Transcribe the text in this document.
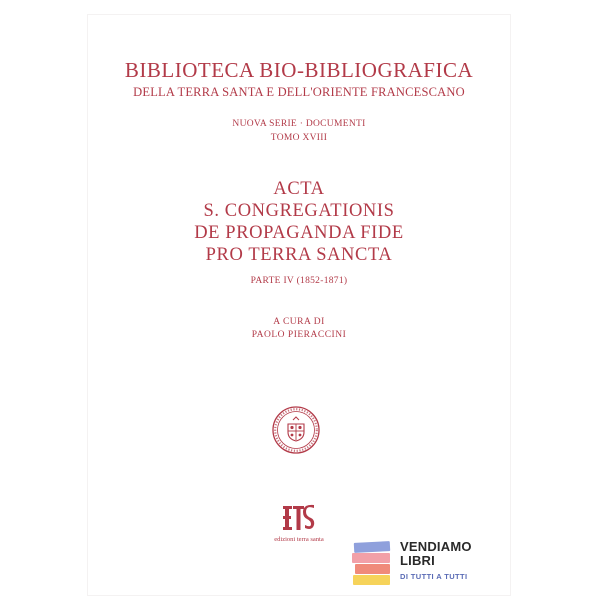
BIBLIOTECA BIO-BIBLIOGRAFICA

DELLA TERRA SANTA E DELL'ORIENTE FRANCESCANO

NUOVA SERIE · DOCUMENTI

TOMO XVIII

ACTA

S. CONGREGATIONIS

DE PROPAGANDA FIDE

PRO TERRA SANCTA

PARTE IV (1852-1871)

A CURA DI

PAOLO PIERACCINI

edizioni terra santa	VENDIAMO
LIBRI
DI TUTTI A TUTTI
